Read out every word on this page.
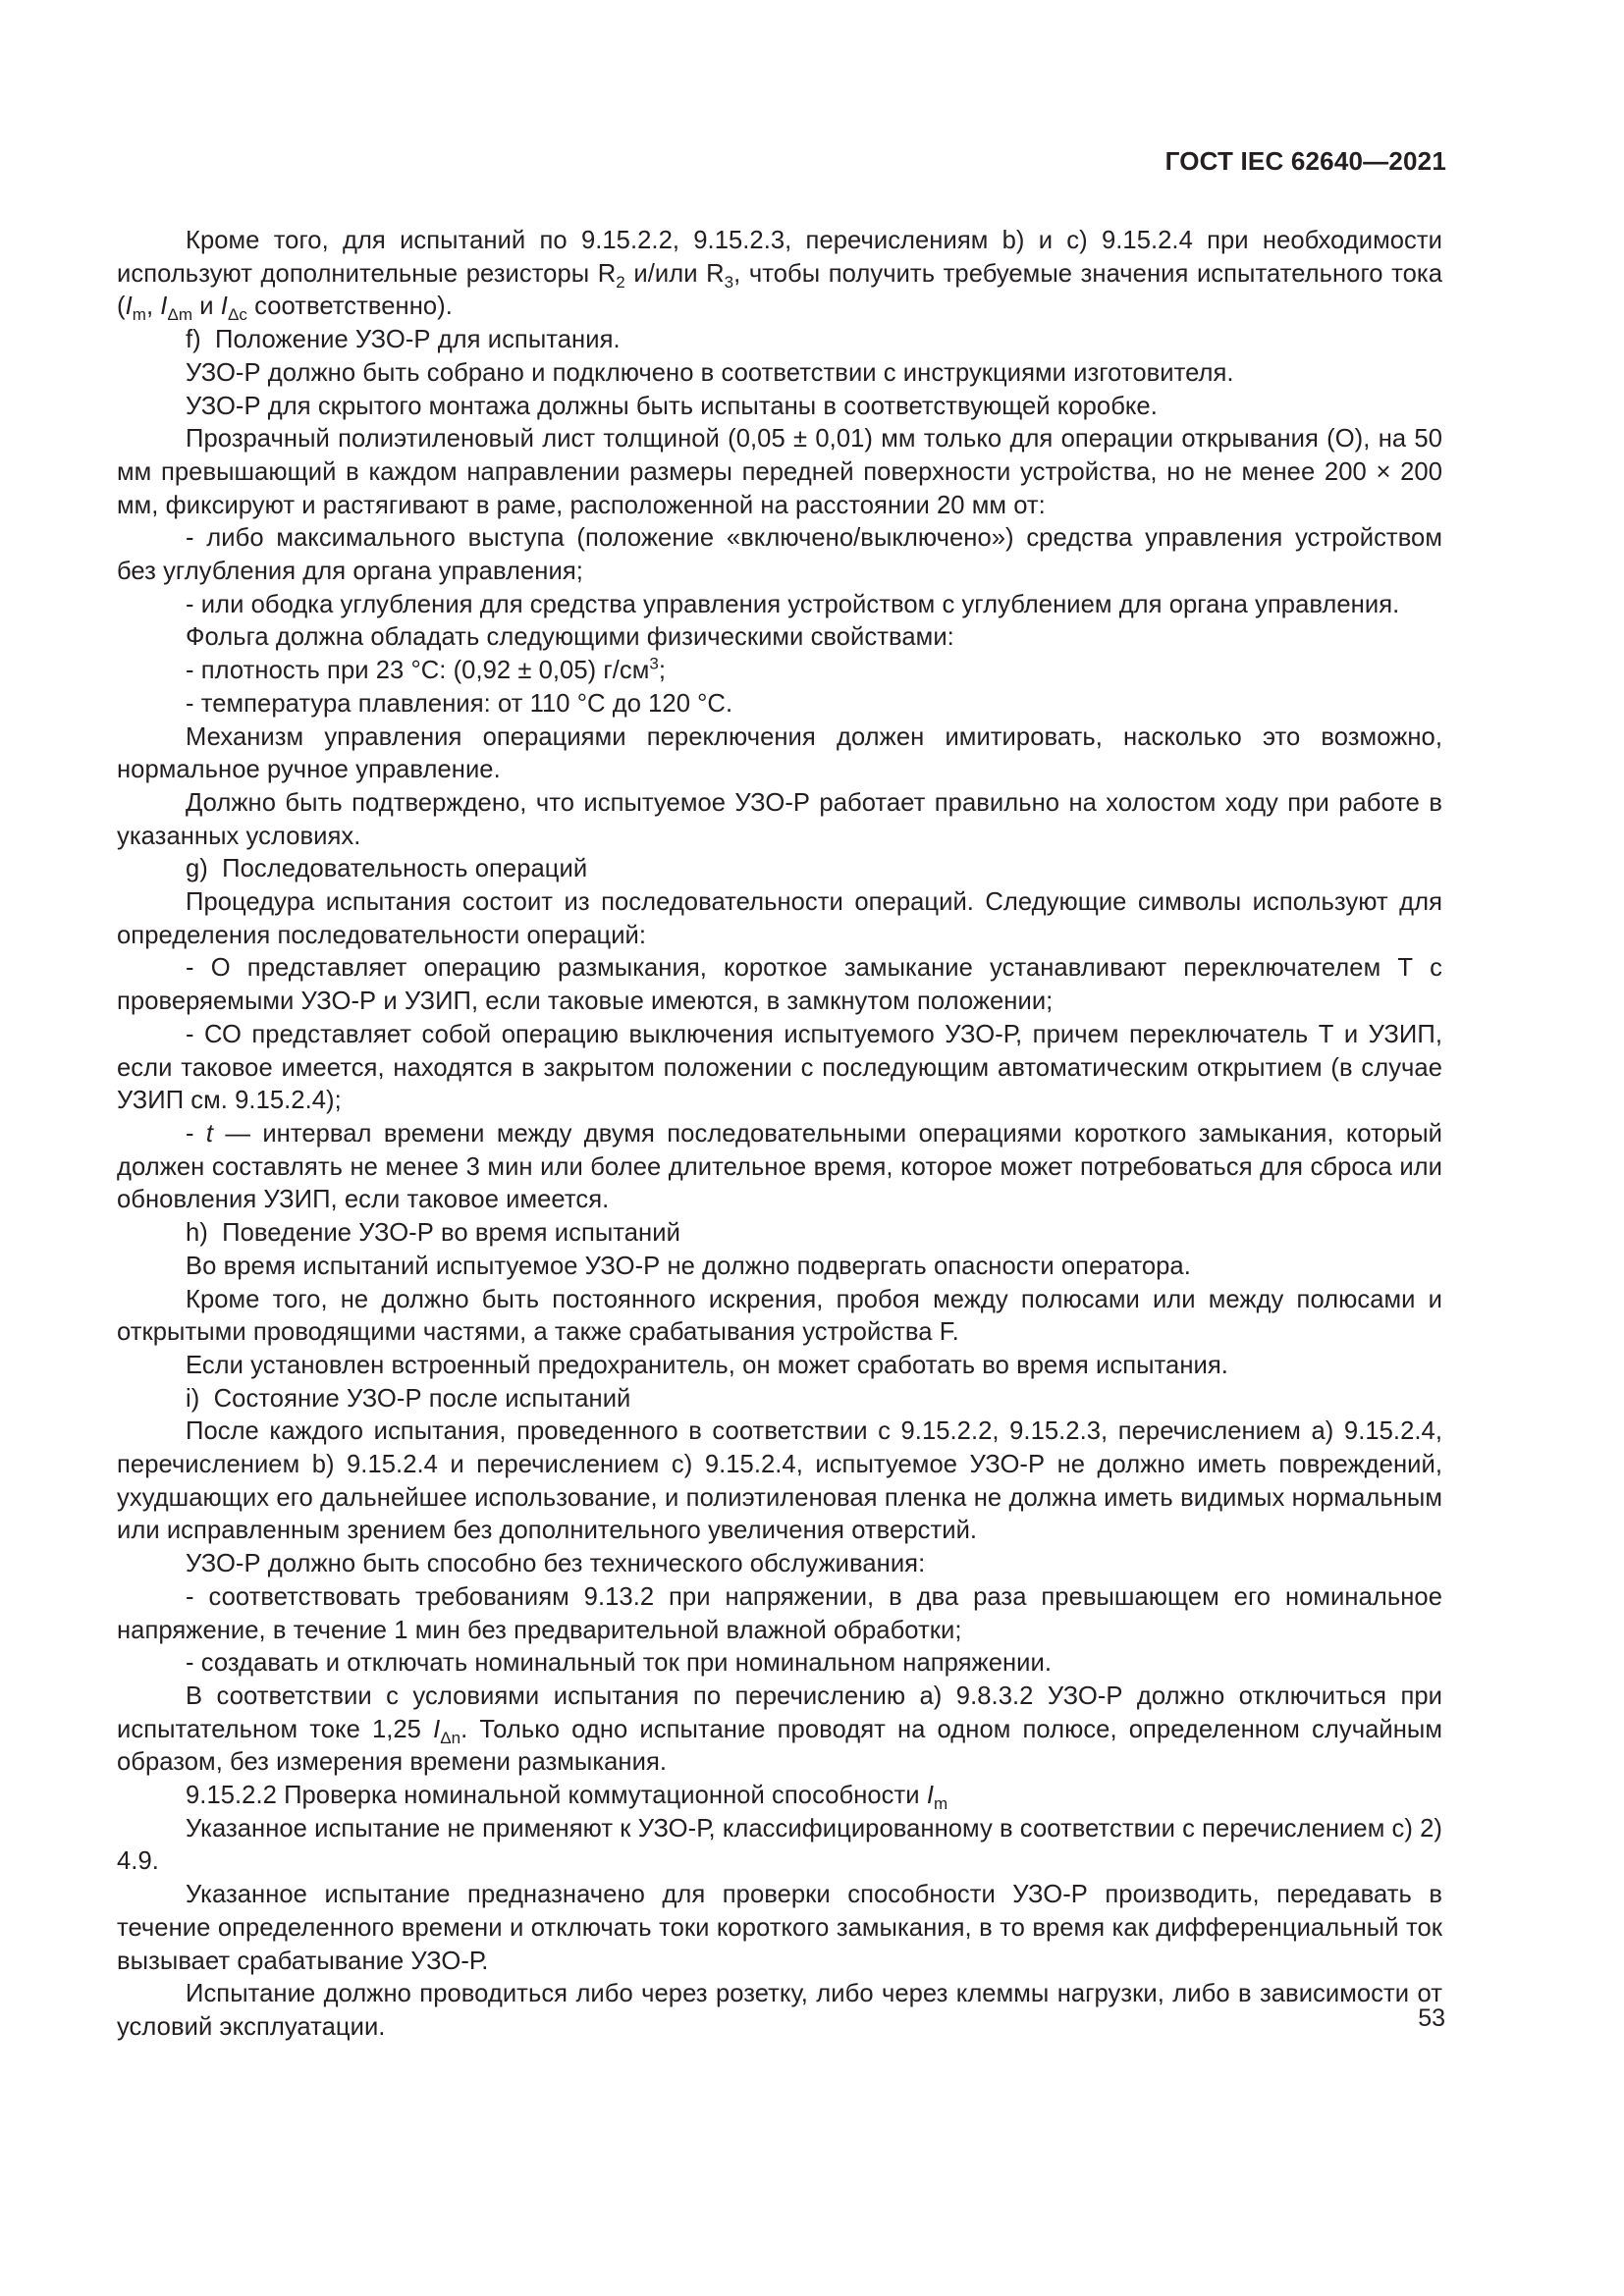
ГОСТ IEC 62640—2021

Кроме того, для испытаний по 9.15.2.2, 9.15.2.3, перечислениям b) и c) 9.15.2.4 при необходимости используют дополнительные резисторы $R_2$ и/или $R_3$, чтобы получить требуемые значения испытательного тока ($I_m$, $I_{\Delta m}$ и $I_{\Delta c}$ соответственно).

f)  Положение УЗО-Р для испытания.

УЗО-Р должно быть собрано и подключено в соответствии с инструкциями изготовителя.

УЗО-Р для скрытого монтажа должны быть испытаны в соответствующей коробке.

Прозрачный полиэтиленовый лист толщиной (0,05 ± 0,01) мм только для операции открывания (О), на 50 мм превышающий в каждом направлении размеры передней поверхности устройства, но не менее 200 × 200 мм, фиксируют и растягивают в раме, расположенной на расстоянии 20 мм от:

- либо максимального выступа (положение «включено/выключено») средства управления устройством без углубления для органа управления;

- или ободка углубления для средства управления устройством с углублением для органа управления.

Фольга должна обладать следующими физическими свойствами:

- плотность при 23 °С: (0,92 ± 0,05) $г/см^3$;

- температура плавления: от 110 °С до 120 °С.

Механизм управления операциями переключения должен имитировать, насколько это возможно, нормальное ручное управление.

Должно быть подтверждено, что испытуемое УЗО-Р работает правильно на холостом ходу при работе в указанных условиях.

g)  Последовательность операций

Процедура испытания состоит из последовательности операций. Следующие символы используют для определения последовательности операций:

- O представляет операцию размыкания, короткое замыкание устанавливают переключателем Т с проверяемыми УЗО-Р и УЗИП, если таковые имеются, в замкнутом положении;

- СО представляет собой операцию выключения испытуемого УЗО-Р, причем переключатель Т и УЗИП, если таковое имеется, находятся в закрытом положении с последующим автоматическим открытием (в случае УЗИП см. 9.15.2.4);

- t — интервал времени между двумя последовательными операциями короткого замыкания, который должен составлять не менее 3 мин или более длительное время, которое может потребоваться для сброса или обновления УЗИП, если таковое имеется.

h)  Поведение УЗО-Р во время испытаний

Во время испытаний испытуемое УЗО-Р не должно подвергать опасности оператора.

Кроме того, не должно быть постоянного искрения, пробоя между полюсами или между полюсами и открытыми проводящими частями, а также срабатывания устройства F.

Если установлен встроенный предохранитель, он может сработать во время испытания.

i)  Состояние УЗО-Р после испытаний

После каждого испытания, проведенного в соответствии с 9.15.2.2, 9.15.2.3, перечислением а) 9.15.2.4, перечислением b) 9.15.2.4 и перечислением с) 9.15.2.4, испытуемое УЗО-Р не должно иметь повреждений, ухудшающих его дальнейшее использование, и полиэтиленовая пленка не должна иметь видимых нормальным или исправленным зрением без дополнительного увеличения отверстий.

УЗО-Р должно быть способно без технического обслуживания:

- соответствовать требованиям 9.13.2 при напряжении, в два раза превышающем его номинальное напряжение, в течение 1 мин без предварительной влажной обработки;

- создавать и отключать номинальный ток при номинальном напряжении.

В соответствии с условиями испытания по перечислению a) 9.8.3.2 УЗО-Р должно отключиться при испытательном токе 1,25 $I_{\Delta n}$. Только одно испытание проводят на одном полюсе, определенном случайным образом, без измерения времени размыкания.

9.15.2.2 Проверка номинальной коммутационной способности $I_m$

Указанное испытание не применяют к УЗО-Р, классифицированному в соответствии с перечислением с) 2) 4.9.

Указанное испытание предназначено для проверки способности УЗО-Р производить, передавать в течение определенного времени и отключать токи короткого замыкания, в то время как дифференциальный ток вызывает срабатывание УЗО-Р.

Испытание должно проводиться либо через розетку, либо через клеммы нагрузки, либо в зависимости от условий эксплуатации.	53
